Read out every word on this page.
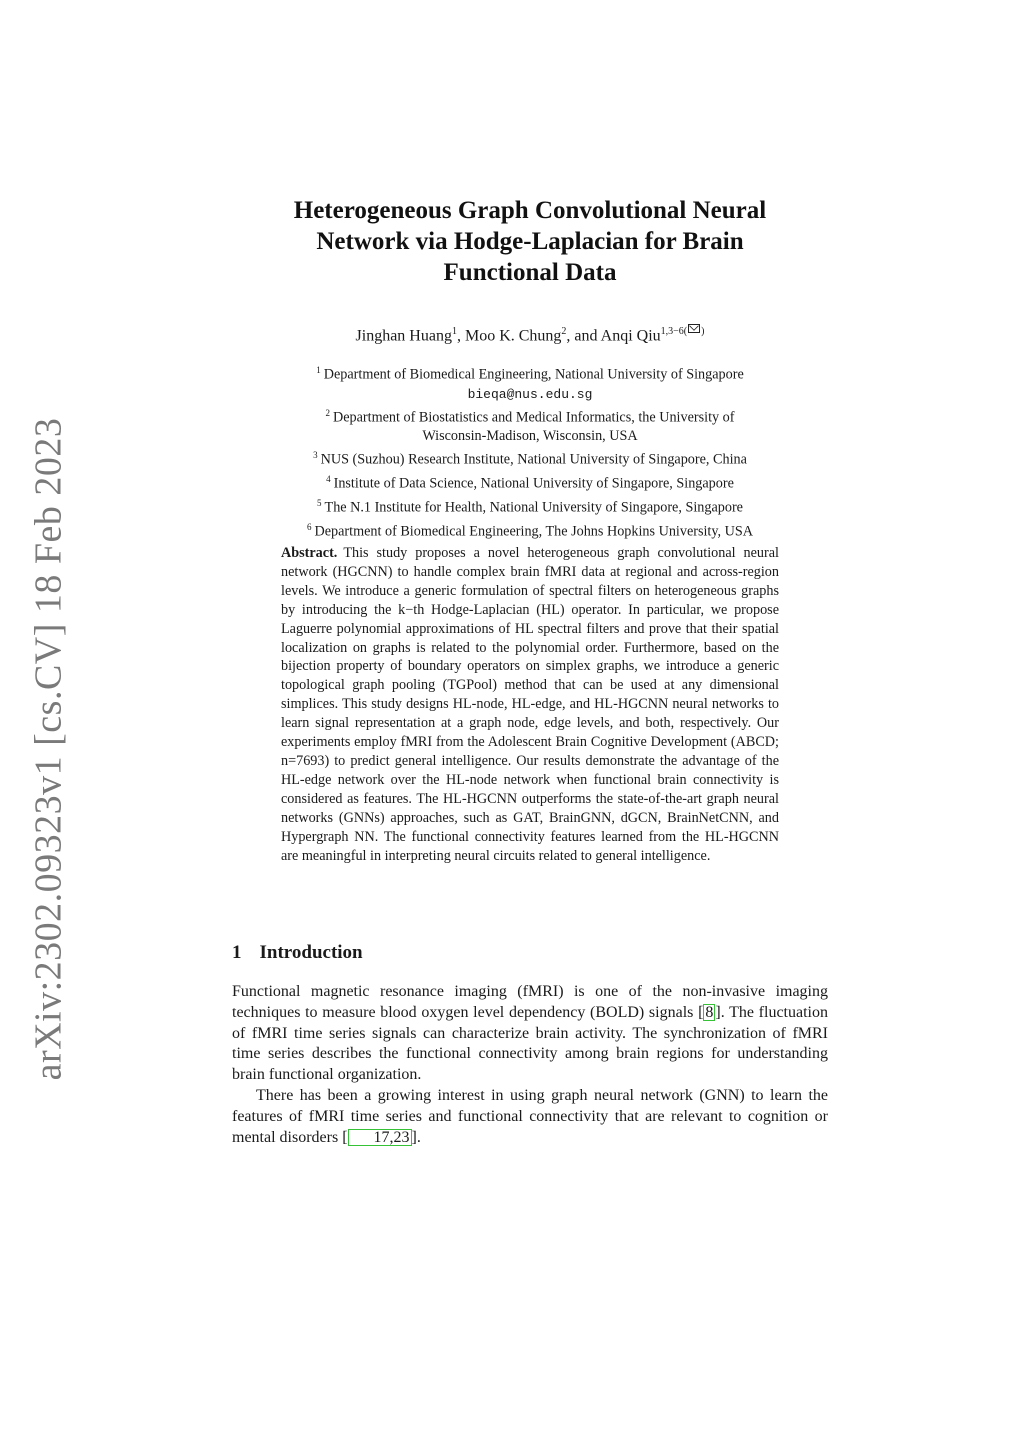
arXiv:2302.09323v1 [cs.CV] 18 Feb 2023
Heterogeneous Graph Convolutional Neural
Network via Hodge-Laplacian for Brain
Functional Data
Jinghan Huang$^1$, Moo K. Chung$^2$, and Anqi Qiu$^{1,3-6( )}$
$^1$ Department of Biomedical Engineering, National University of Singapore
bieqa@nus.edu.sg
$^2$ Department of Biostatistics and Medical Informatics, the University of
Wisconsin-Madison, Wisconsin, USA
$^3$ NUS (Suzhou) Research Institute, National University of Singapore, China
$^4$ Institute of Data Science, National University of Singapore, Singapore
$^5$ The N.1 Institute for Health, National University of Singapore, Singapore
$^6$ Department of Biomedical Engineering, The Johns Hopkins University, USA
Abstract. This study proposes a novel heterogeneous graph convolutional neural network (HGCNN) to handle complex brain fMRI data at regional and across-region levels. We introduce a generic formulation of spectral filters on heterogeneous graphs by introducing the k−th Hodge-Laplacian (HL) operator. In particular, we propose Laguerre polynomial approximations of HL spectral filters and prove that their spatial localization on graphs is related to the polynomial order. Furthermore, based on the bijection property of boundary operators on simplex graphs, we introduce a generic topological graph pooling (TGPool) method that can be used at any dimensional simplices. This study designs HL-node, HL-edge, and HL-HGCNN neural networks to learn signal representation at a graph node, edge levels, and both, respectively. Our experiments employ fMRI from the Adolescent Brain Cognitive Development (ABCD; n=7693) to predict general intelligence. Our results demonstrate the advantage of the HL-edge network over the HL-node network when functional brain connectivity is considered as features. The HL-HGCNN outperforms the state-of-the-art graph neural networks (GNNs) approaches, such as GAT, BrainGNN, dGCN, BrainNetCNN, and Hypergraph NN. The functional connectivity features learned from the HL-HGCNN are meaningful in interpreting neural circuits related to general intelligence.
1 Introduction

Functional magnetic resonance imaging (fMRI) is one of the non-invasive imaging techniques to measure blood oxygen level dependency (BOLD) signals [ 8 ]. The fluctuation of fMRI time series signals can characterize brain activity. The synchronization of fMRI time series describes the functional connectivity among brain regions for understanding brain functional organization.

There has been a growing interest in using graph neural network (GNN) to learn the features of fMRI time series and functional connectivity that are relevant to cognition or mental disorders [ 17,23 ].
